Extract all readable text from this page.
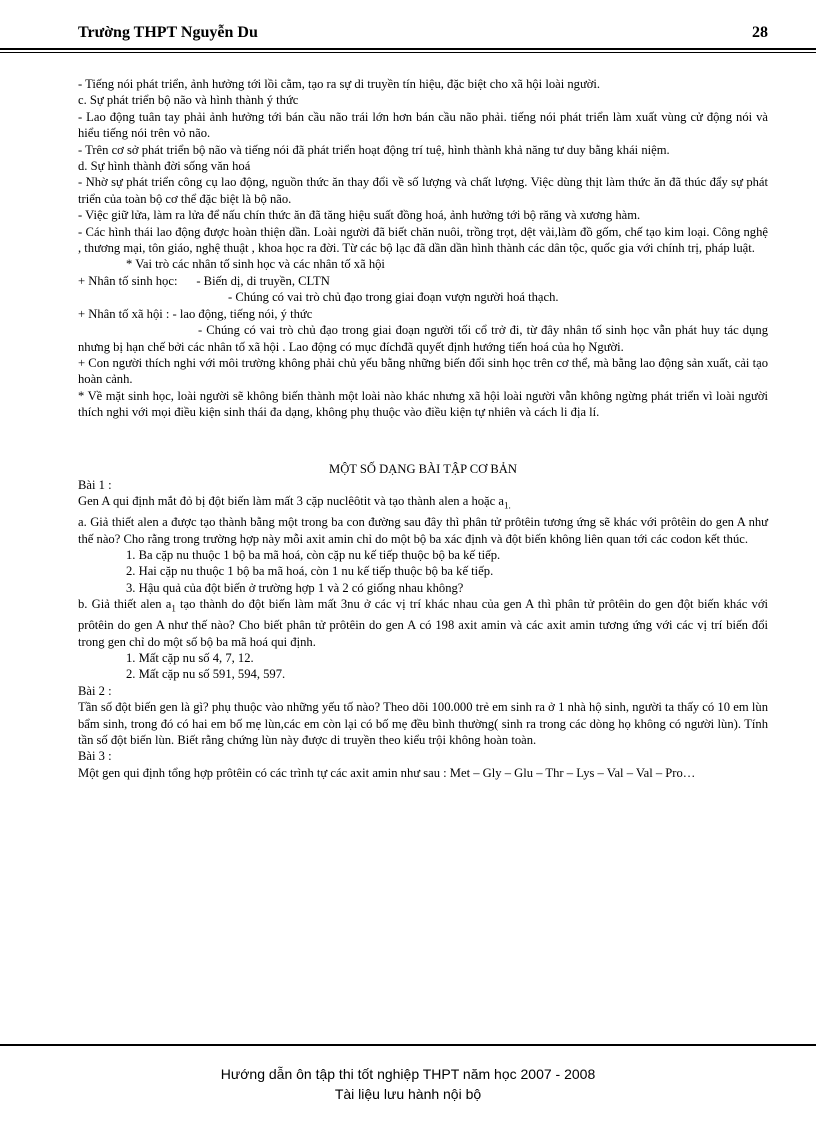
Trường THPT Nguyễn Du	28

- Tiếng nói phát triển, ảnh hưởng tới lồi cằm, tạo ra sự di truyền tín hiệu, đặc biệt cho xã hội loài người.

c. Sự phát triển bộ não và hình thành ý thức

- Lao động tuân tay phải ảnh hưởng tới bán cầu não trái lớn hơn bán cầu não phải. tiếng nói phát triển làm xuất vùng cử động nói và hiểu tiếng nói trên vỏ não.

- Trên cơ sở phát triển bộ não và tiếng nói đã phát triển hoạt động trí tuệ, hình thành khả năng tư duy bằng khái niệm.

d. Sự hình thành đời sống văn hoá

- Nhờ sự phát triển công cụ lao động, nguồn thức ăn thay đổi về số lượng và chất lượng. Việc dùng thịt làm thức ăn đã thúc đẩy sự phát triển của toàn bộ cơ thể đặc biệt là bộ não.

- Việc giữ lửa, làm ra lửa để nấu chín thức ăn đã tăng hiệu suất đồng hoá, ảnh hưởng tới bộ răng và xương hàm.

- Các hình thái lao động được hoàn thiện dần. Loài người đã biết chăn nuôi, trồng trọt, dệt vải,làm đồ gốm, chế tạo kim loại. Công nghệ , thương mại, tôn giáo, nghệ thuật , khoa học ra đời. Từ các bộ lạc đã dần dần hình thành các dân tộc, quốc gia với chính trị, pháp luật.

* Vai trò các nhân tố sinh học và các nhân tố xã hội

+ Nhân tố sinh học:      - Biến dị, di truyền, CLTN

- Chúng có vai trò chủ đạo trong giai đoạn vượn người hoá thạch.

+ Nhân tố xã hội : - lao động, tiếng nói, ý thức

- Chúng có vai trò chủ đạo trong giai đoạn người tối cổ trở đi, từ đây nhân tố sinh học vẫn phát huy tác dụng nhưng bị hạn chế bởi các nhân tố xã hội . Lao động có mục đíchđã quyết định hướng tiến hoá của họ Người.

+ Con người thích nghi với môi trường không phải chủ yếu bằng những biến đổi sinh học trên cơ thể, mà bằng lao động sản xuất, cải tạo hoàn cảnh.

* Về mặt sinh học, loài người sẽ không biến thành một loài nào khác nhưng xã hội loài người vẫn không ngừng phát triển vì loài người thích nghi với mọi điều kiện sinh thái đa dạng, không phụ thuộc vào điều kiện tự nhiên và cách li địa lí.

MỘT SỐ DẠNG BÀI TẬP CƠ BẢN

Bài 1 :

Gen A qui định mắt đỏ bị đột biến làm mất 3 cặp nuclêôtit và tạo thành alen a hoặc $a_{1.}$

a. Giả thiết alen a được tạo thành bằng một trong ba con đường sau đây thì phân tử prôtêin tương ứng sẽ khác với prôtêin do gen A như thế nào? Cho rằng trong trường hợp này mỗi axit amin chỉ do một bộ ba xác định và đột biến không liên quan tới các codon kết thúc.

1. Ba cặp nu thuộc 1 bộ ba mã hoá, còn cặp nu kế tiếp thuộc bộ ba kế tiếp.

2. Hai cặp nu thuộc 1 bộ ba mã hoá, còn 1 nu kế tiếp thuộc bộ ba kế tiếp.

3. Hậu quả của đột biến ở trường hợp 1 và 2 có giống nhau không?

b. Giả thiết alen $a_1$ tạo thành do đột biến làm mất 3nu ở các vị trí khác nhau của gen A thì phân tử prôtêin do gen đột biến khác với prôtêin do gen A như thế nào? Cho biết phân tử prôtêin do gen A có 198 axit amin và các axit amin tương ứng với các vị trí biến đổi trong gen chỉ do một số bộ ba mã hoá qui định.

1. Mất cặp nu số 4, 7, 12.

2. Mất cặp nu số 591, 594, 597.

Bài 2 :

Tần số đột biến gen là gì? phụ thuộc vào những yếu tố nào? Theo dõi 100.000 trẻ em sinh ra ở 1 nhà hộ sinh, người ta thấy có 10 em lùn bẩm sinh, trong đó có hai em bố mẹ lùn,các em còn lại có bố mẹ đều bình thường( sinh ra trong các dòng họ không có người lùn). Tính tần số đột biến lùn. Biết rằng chứng lùn này được di truyền theo kiểu trội không hoàn toàn.

Bài 3 :

Một gen qui định tổng hợp prôtêin có các trình tự các axit amin như sau : Met – Gly – Glu – Thr – Lys – Val – Val – Pro…

Hướng dẫn ôn tập thi tốt nghiệp THPT năm học 2007 - 2008
Tài liệu lưu hành nội bộ
